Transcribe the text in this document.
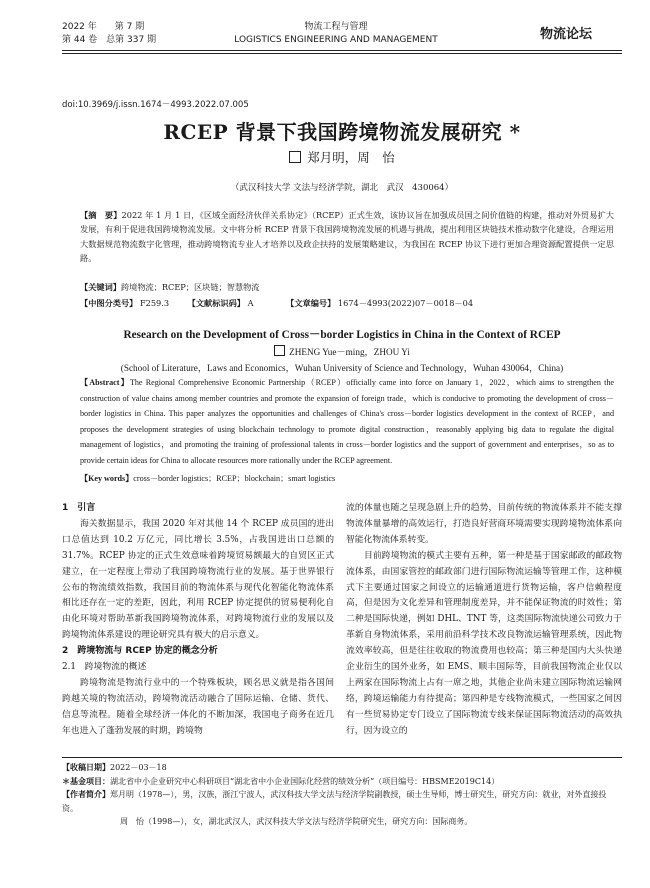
2022 年　　第 7 期
第 44 卷　总第 337 期
物流工程与管理
LOGISTICS ENGINEERING AND MANAGEMENT	物流论坛
doi:10.3969/j.issn.1674－4993.2022.07.005
RCEP 背景下我国跨境物流发展研究 *
郑月明，周　怡
（武汉科技大学 文法与经济学院，湖北　武汉　430064）
【摘　要】2022 年 1 月 1 日，《区域全面经济伙伴关系协定》（RCEP）正式生效，该协议旨在加强成员国之间价值链的构建，推动对外贸易扩大发展，有利于促进我国跨境物流发展。文中将分析 RCEP 背景下我国跨境物流发展的机遇与挑战，提出利用区块链技术推动数字化建设，合理运用大数据规范物流数字化管理，推动跨境物流专业人才培养以及政企扶持的发展策略建议，为我国在 RCEP 协议下进行更加合理资源配置提供一定思路。
【关键词】跨境物流；RCEP；区块链；智慧物流
【中图分类号】 F259.3 【文献标识码】 A	【文章编号】 1674－4993(2022)07－0018－04
Research on the Development of Cross－border Logistics in China in the Context of RCEP
ZHENG Yue－ming，ZHOU Yi
(School of Literature，Laws and Economics，Wuhan University of Science and Technology，Wuhan 430064，China)
【Abstract】The Regional Comprehensive Economic Partnership（RCEP）officially came into force on January 1，2022，which aims to strengthen the construction of value chains among member countries and promote the expansion of foreign trade，which is conducive to promoting the development of cross－border logistics in China. This paper analyzes the opportunities and challenges of China's cross－border logistics development in the context of RCEP，and proposes the development strategies of using blockchain technology to promote digital construction，reasonably applying big data to regulate the digital management of logistics，and promoting the training of professional talents in cross－border logistics and the support of government and enterprises，so as to provide certain ideas for China to allocate resources more rationally under the RCEP agreement.
【Key words】cross－border logistics；RCEP；blockchain；smart logistics
1　引言
海关数据显示，我国 2020 年对其他 14 个 RCEP 成员国的进出口总值达到 10.2 万亿元，同比增长 3.5%，占我国进出口总额的 31.7%。RCEP 协定的正式生效意味着跨境贸易额最大的自贸区正式建立，在一定程度上带动了我国跨境物流行业的发展。基于世界银行公布的物流绩效指数，我国目前的物流体系与现代化智能化物流体系相比还存在一定的差距，因此，利用 RCEP 协定提供的贸易便利化自由化环境对帮助革新我国跨境物流体系，对跨境物流行业的发展以及跨境物流体系建设的理论研究具有极大的启示意义。
2　跨境物流与 RCEP 协定的概念分析
2.1　跨境物流的概述
跨境物流是物流行业中的一个特殊板块，顾名思义就是指各国间跨越关境的物流活动，跨境物流活动融合了国际运输、仓储、货代、信息等流程。随着全球经济一体化的不断加深，我国电子商务在近几年也进入了蓬勃发展的时期，跨境物
流的体量也随之呈现急剧上升的趋势，目前传统的物流体系并不能支撑物流体量暴增的高效运行，打造良好营商环境需要实现跨境物流体系向智能化物流体系转变。
目前跨境物流的模式主要有五种，第一种是基于国家邮政的邮政物流体系，由国家管控的邮政部门进行国际物流运输等管理工作，这种模式下主要通过国家之间设立的运输通道进行货物运输，客户信赖程度高，但是因为文化差异和管理制度差异，并不能保证物流的时效性；第二种是国际快递，例如 DHL、TNT 等，这类国际物流快递公司致力于革新自身物流体系，采用前沿科学技术改良物流运输管理系统，因此物流效率较高，但是往往收取的物流费用也较高；第三种是国内大头快递企业衍生的国外业务，如 EMS、顺丰国际等，目前我国物流企业仅以上两家在国际物流上占有一席之地，其他企业尚未建立国际物流运输网络，跨境运输能力有待提高；第四种是专线物流模式，一些国家之间因有一些贸易协定专门设立了国际物流专线来保证国际物流活动的高效执行，因为设立的
【收稿日期】2022－03－18
＊基金项目：湖北省中小企业研究中心科研项目“湖北省中小企业国际化经营的绩效分析”（项目编号：HBSME2019C14）
【作者简介】郑月明（1978—），男，汉族，浙江宁波人，武汉科技大学文法与经济学院副教授，硕士生导师，博士研究生，研究方向：就业，对外直接投资。
周　怡（1998—），女，湖北武汉人，武汉科技大学文法与经济学院研究生，研究方向：国际商务。
